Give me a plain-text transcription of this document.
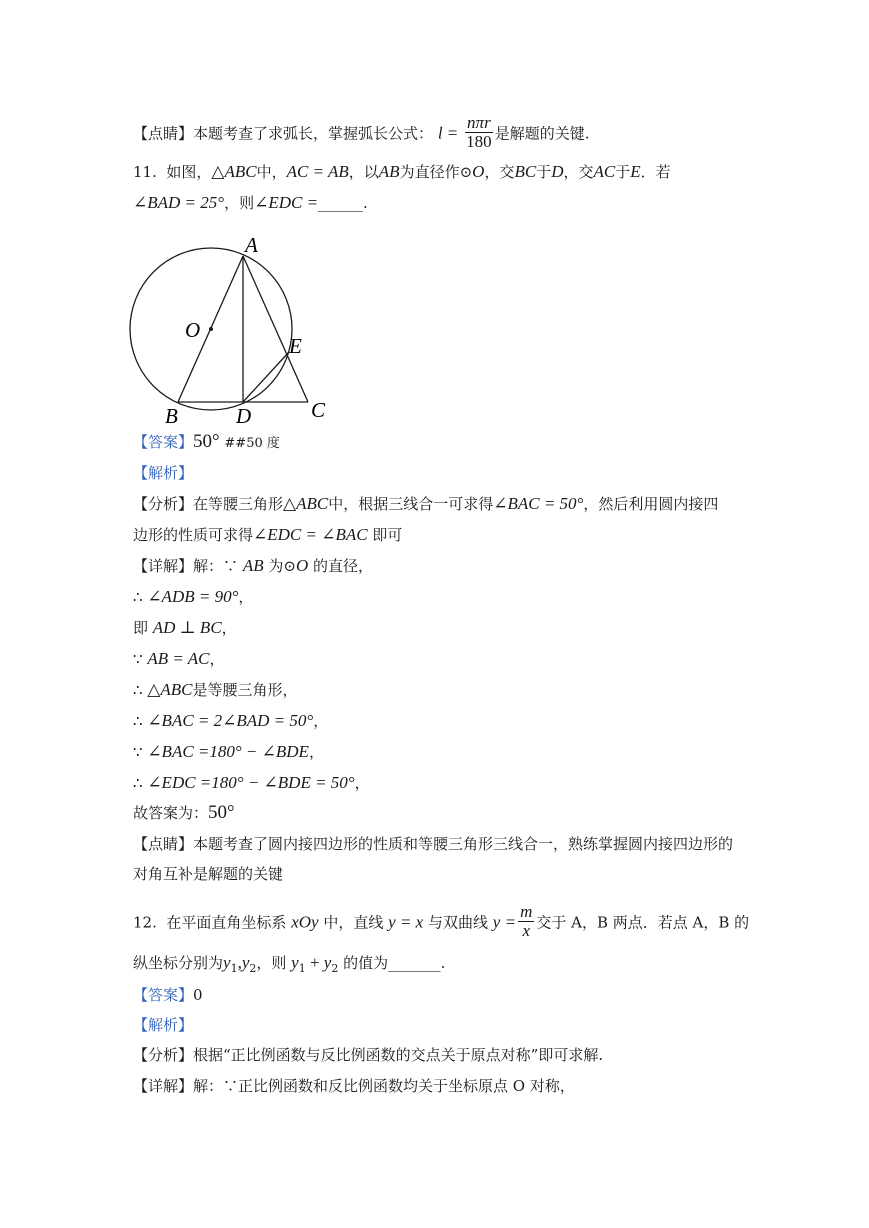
【点睛】本题考查了求弧长，掌握弧长公式： $l = \frac{\text{nπr}}{180}$ 是解题的关键.
11. 如图，△ABC中，AC = AB，以AB为直径作⊙O，交BC于D，交AC于E．若
∠BAD = 25°，则∠EDC =______.
A
O
E
B	D	C
【答案】50° ##50 度
【解析】
【分析】在等腰三角形△ABC中，根据三线合一可求得∠BAC = 50°，然后利用圆内接四
边形的性质可求得∠EDC = ∠BAC 即可
【详解】解：∵ AB 为⊙O 的直径，
∴ ∠ADB = 90°，
即 AD ⊥ BC，
∵ AB = AC，
∴ △ABC是等腰三角形，
∴ ∠BAC = 2∠BAD = 50°，
∵ ∠BAC =180° − ∠BDE，
∴ ∠EDC =180° − ∠BDE = 50°，
故答案为：50°
【点睛】本题考查了圆内接四边形的性质和等腰三角形三线合一，熟练掌握圆内接四边形的
对角互补是解题的关键
12. 在平面直角坐标系 xOy 中，直线 y = x 与双曲线 $y = \frac{m}{x}$ 交于 A，B 两点．若点 A，B 的
纵坐标分别为$y_1,y_2$，则 $y_1 + y_2$ 的值为_______.
【答案】0
【解析】
【分析】根据“正比例函数与反比例函数的交点关于原点对称”即可求解.
【详解】解：∵正比例函数和反比例函数均关于坐标原点 O 对称，
